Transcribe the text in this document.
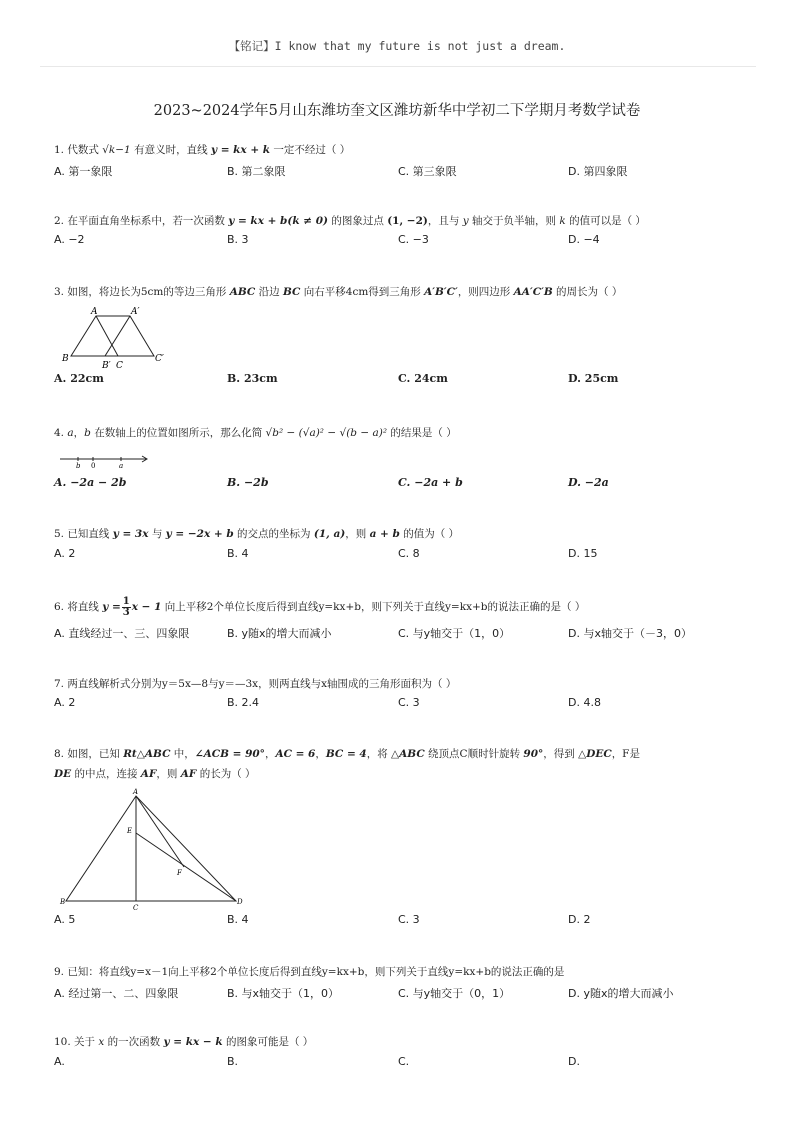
【铭记】I know that my future is not just a dream.
2023~2024学年5月山东潍坊奎文区潍坊新华中学初二下学期月考数学试卷
1. 代数式 √k−1 有意义时，直线 y = kx + k 一定不经过（ ）
A. 第一象限	B. 第二象限	C. 第三象限	D. 第四象限
2. 在平面直角坐标系中，若一次函数 y = kx + b(k ≠ 0) 的图象过点 (1, −2)，且与 y 轴交于负半轴，则 k 的值可以是（ ）
A. −2	B. 3	C. −3	D. −4
3. 如图，将边长为5cm的等边三角形 ABC 沿边 BC 向右平移4cm得到三角形 A′B′C′，则四边形 AA′C′B 的周长为（ ）
A	A′
B
B′ C
C′
A. 22cm	B. 23cm	C. 24cm	D. 25cm
4. a，b 在数轴上的位置如图所示，那么化简 √b² − (√a)² − √(b − a)² 的结果是（ ）
b 0	a
A. −2a − 2b	B. −2b	C. −2a + b	D. −2a
5. 已知直线 y = 3x 与 y = −2x + b 的交点的坐标为 (1, a)，则 a + b 的值为（ ）
A. 2	B. 4	C. 8	D. 15
6. 将直线 $y = \frac{1}{3}$ x − 1 向上平移2个单位长度后得到直线y=kx+b，则下列关于直线y=kx+b的说法正确的是（ ）
A. 直线经过一、三、四象限	B. y随x的增大而减小	C. 与y轴交于（1，0）	D. 与x轴交于（－3，0）
7. 两直线解析式分别为y＝5x—8与y＝—3x，则两直线与x轴围成的三角形面积为（ ）
A. 2	B. 2.4	C. 3	D. 4.8
8. 如图，已知 Rt△ABC 中，∠ACB = 90°，AC = 6，BC = 4，将 △ABC 绕顶点C顺时针旋转 90°，得到 △DEC，F是
DE 的中点，连接 AF，则 AF 的长为（ ）
A
E
F
B
C
D
A. 5	B. 4	C. 3	D. 2
9. 已知：将直线y=x－1向上平移2个单位长度后得到直线y=kx+b，则下列关于直线y=kx+b的说法正确的是
A. 经过第一、二、四象限	B. 与x轴交于（1，0）	C. 与y轴交于（0，1）	D. y随x的增大而减小
10. 关于 x 的一次函数 y = kx − k 的图象可能是（ ）
A.	B.	C.	D.
